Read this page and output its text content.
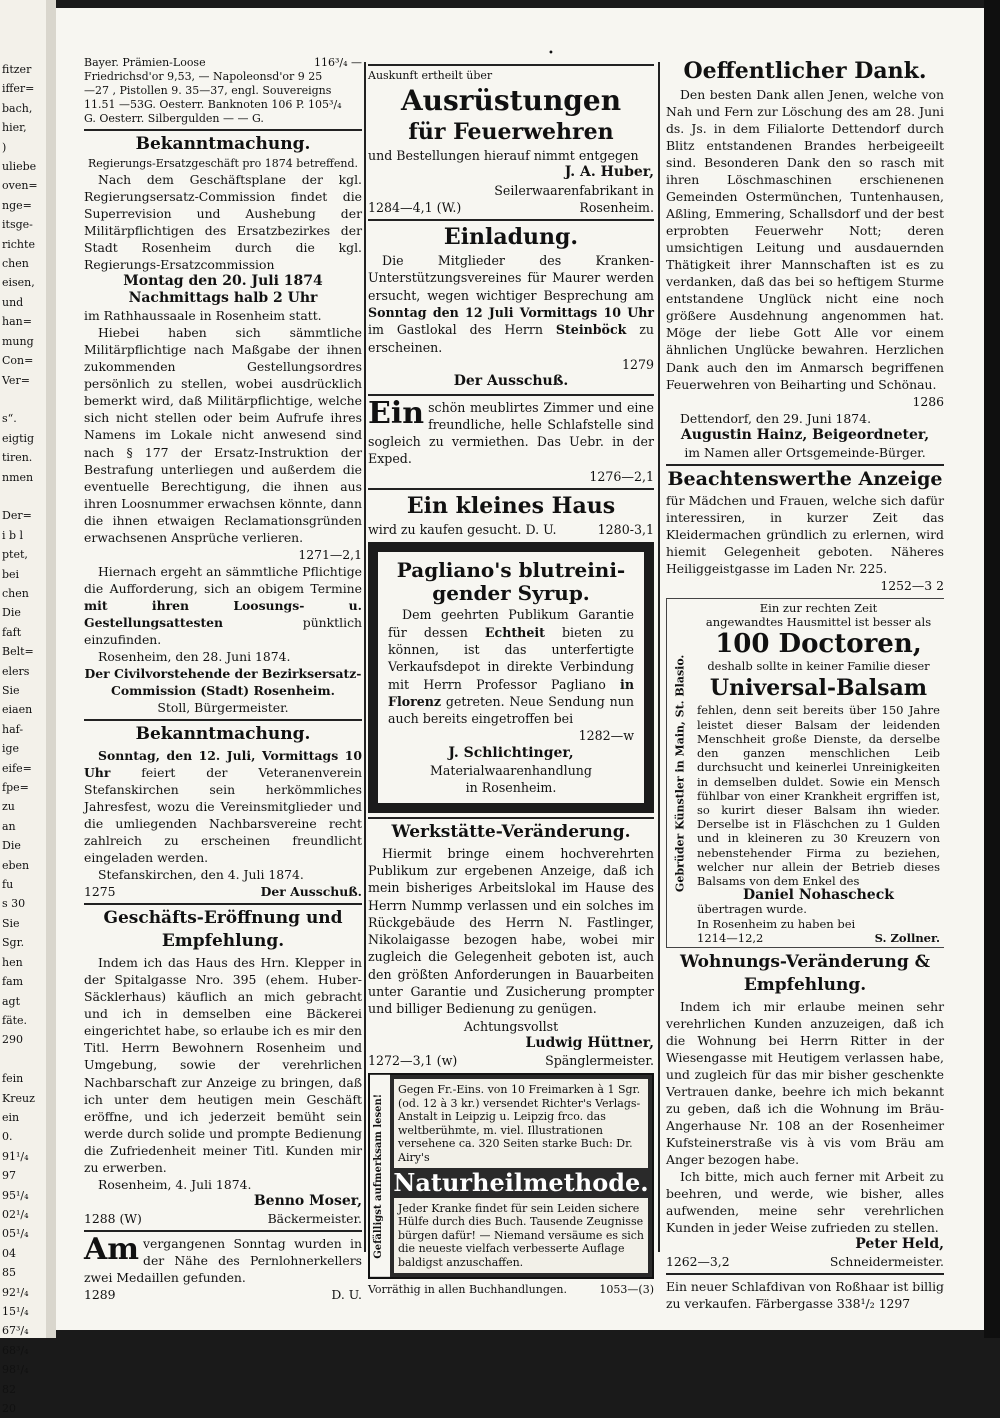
fitzer
iffer=
bach,
hier,
)
uliebe
oven=
nge=
itsge-
richte
chen
eisen,
und
han=
mung
Con=
Ver=

s“.
eigtig
tiren.
nmen

Der=
i b l
ptet,
bei
chen
Die
faft
Belt=
elers
Sie
eiaen
haf-
ige
eife=
fpe=
zu
an
Die
eben
fu
s 30
Sie
Sgr.
hen
fam
agt
fäte.
290

fein
Kreuz
ein
0.
91¹/₄
97
95¹/₄
02¹/₄
05¹/₄
04
85
92¹/₄
15¹/₄
67³/₄
68³/₄
98¹/₄
82
20
•
Bayer. Prämien-Loose	116³/₄ —
Friedrichsd'or 9,53, — Napoleonsd'or 9 25
—27 , Pistollen 9. 35—37, engl. Souvereigns
11.51 —53G. Oesterr. Banknoten 106 P. 105³/₄
G. Oesterr. Silbergulden — — G.
Bekanntmachung.
Regierungs-Ersatzgeschäft pro 1874 betreffend.

Nach dem Geschäftsplane der kgl. Regierungsersatz-Commission findet die Superrevision und Aushebung der Militärpflichtigen des Ersatzbezirkes der Stadt Rosenheim durch die kgl. Regierungs-Ersatzcommission

Montag den 20. Juli 1874
Nachmittags halb 2 Uhr

im Rathhaussaale in Rosenheim statt.

Hiebei haben sich sämmtliche Militärpflichtige nach Maßgabe der ihnen zukommenden Gestellungsordres persönlich zu stellen, wobei ausdrücklich bemerkt wird, daß Militärpflichtige, welche sich nicht stellen oder beim Aufrufe ihres Namens im Lokale nicht anwesend sind nach § 177 der Ersatz-Instruktion der Bestrafung unterliegen und außerdem die eventuelle Berechtigung, die ihnen aus ihren Loosnummer erwachsen könnte, dann die ihnen etwaigen Reclamationsgründen erwachsenen Ansprüche verlieren.

1271—2,1

Hiernach ergeht an sämmtliche Pflichtige die Aufforderung, sich an obigem Termine mit ihren Loosungs- u. Gestellungsattesten	pünktlich einzufinden.

Rosenheim, den 28. Juni 1874.

Der Civilvorstehende der Bezirksersatz-Commission (Stadt) Rosenheim.
Stoll, Bürgermeister.
Bekanntmachung.

Sonntag, den 12. Juli, Vormittags 10 Uhr feiert der Veteranenverein Stefanskirchen sein herkömmliches Jahresfest, wozu die Vereinsmitglieder und die umliegenden Nachbarsvereine recht zahlreich zu erscheinen freundlicht eingeladen werden.

Stefanskirchen, den 4. Juli 1874.

1275	Der Ausschuß.
Geschäfts-Eröffnung und
Empfehlung.

Indem ich das Haus des Hrn. Klepper in der Spitalgasse Nro. 395 (ehem. Huber-Säcklerhaus) käuflich an mich gebracht und ich in demselben eine Bäckerei eingerichtet habe, so erlaube ich es mir den Titl. Herrn Bewohnern Rosenheim und Umgebung, sowie der verehrlichen Nachbarschaft zur Anzeige zu bringen, daß ich unter dem heutigen mein Geschäft eröffne, und ich jederzeit bemüht sein werde durch solide und prompte Bedienung die Zufriedenheit meiner Titl. Kunden mir zu erwerben.

Rosenheim, 4. Juli 1874.

Benno Moser,
1288 (W)	Bäckermeister.

Am vergangenen Sonntag wurden in der Nähe des Pernlohnerkellers zwei Medaillen gefunden.

1289	D. U.
Auskunft ertheilt über
Ausrüstungen
für Feuerwehren
und Bestellungen hierauf nimmt entgegen
J. A. Huber,
Seilerwaarenfabrikant in
1284—4,1 (W.)	Rosenheim.
Einladung.

Die Mitglieder des Kranken-Unterstützungsvereines für Maurer werden ersucht, wegen wichtiger Besprechung am Sonntag den 12 Juli Vormittags 10 Uhr im Gastlokal des Herrn Steinböck zu erscheinen.

1279
Der Ausschuß.

Ein schön meublirtes Zimmer und eine freundliche, helle Schlafstelle sind sogleich zu vermiethen. Das Uebr. in der Exped.

1276—2,1
Ein kleines Haus
wird zu kaufen gesucht. D. U.	1280-3,1
Pagliano's blutreini-
gender Syrup.

Dem geehrten Publikum Garantie für dessen Echtheit bieten zu können, ist das unterfertigte Verkaufsdepot in direkte Verbindung mit Herrn Professor Pagliano in Florenz getreten. Neue Sendung nun auch bereits eingetroffen bei

1282—w
J. Schlichtinger,
Materialwaarenhandlung
in Rosenheim.
Werkstätte-Veränderung.

Hiermit bringe einem hochverehrten Publikum zur ergebenen Anzeige, daß ich mein bisheriges Arbeitslokal im Hause des Herrn Nummp verlassen und ein solches im Rückgebäude des Herrn N. Fastlinger, Nikolaigasse bezogen habe, wobei mir zugleich die Gelegenheit geboten ist, auch den größten Anforderungen in Bauarbeiten unter Garantie und Zusicherung prompter und billiger Bedienung zu genügen.

Achtungsvollst
Ludwig Hüttner,
1272—3,1 (w)	Spänglermeister.
Gefälligst aufmerksam lesen!
Gegen Fr.-Eins. von 10 Freimarken à 1 Sgr. (od. 12 à 3 kr.) versendet Richter's Verlags-Anstalt in Leipzig u. Leipzig frco. das weltberühmte, m. viel. Illustrationen versehene ca. 320 Seiten starke Buch: Dr. Airy's
Naturheilmethode.
Jeder Kranke findet für sein Leiden sichere Hülfe durch dies Buch. Tausende Zeugnisse bürgen dafür! — Niemand versäume es sich die neueste vielfach verbesserte Auflage baldigst anzuschaffen.
Vorräthig in allen Buchhandlungen.	1053—(3)
Oeffentlicher Dank.

Den besten Dank allen Jenen, welche von Nah und Fern zur Löschung des am 28. Juni ds. Js. in dem Filialorte Dettendorf durch Blitz entstandenen Brandes herbeigeeilt sind. Besonderen Dank den so rasch mit ihren Löschmaschinen erschienenen Gemeinden Ostermünchen, Tuntenhausen, Aßling, Emmering, Schallsdorf und der best erprobten Feuerwehr Nott; deren umsichtigen Leitung und ausdauernden Thätigkeit ihrer Mannschaften ist es zu verdanken, daß das bei so heftigem Sturme entstandene Unglück nicht eine noch größere Ausdehnung angenommen hat. Möge der liebe Gott Alle vor einem ähnlichen Unglücke bewahren. Herzlichen Dank auch den im Anmarsch begriffenen Feuerwehren von Beiharting und Schönau.

1286

Dettendorf, den 29. Juni 1874.

Augustin Hainz, Beigeordneter,
im Namen aller Ortsgemeinde-Bürger.
Beachtenswerthe Anzeige

für Mädchen und Frauen, welche sich dafür interessiren, in kurzer Zeit das Kleidermachen gründlich zu erlernen, wird hiemit Gelegenheit geboten. Näheres Heiliggeistgasse im Laden Nr. 225.

1252—3 2
Gebrüder Künstler in Main, St. Blasio.
Ein zur rechten Zeit
angewandtes Hausmittel ist besser als
100 Doctoren,
deshalb sollte in keiner Familie dieser
Universal-Balsam

fehlen, denn seit bereits über 150 Jahre leistet dieser Balsam der leidenden Menschheit große Dienste, da derselbe den ganzen menschlichen Leib durchsucht und keinerlei Unreinigkeiten in demselben duldet. Sowie ein Mensch fühlbar von einer Krankheit ergriffen ist, so kurirt dieser Balsam ihn wieder. Derselbe ist in Fläschchen zu 1 Gulden und in kleineren zu 30 Kreuzern von nebenstehender Firma zu beziehen, welcher nur allein der Betrieb dieses Balsams von dem Enkel des

Daniel Nohascheck
übertragen wurde.
In Rosenheim zu haben bei
1214—12,2	S. Zollner.
Wohnungs-Veränderung &
Empfehlung.

Indem ich mir erlaube meinen sehr verehrlichen Kunden anzuzeigen, daß ich die Wohnung bei Herrn Ritter in der Wiesengasse mit Heutigem verlassen habe, und zugleich für das mir bisher geschenkte Vertrauen danke, beehre ich mich bekannt zu geben, daß ich die Wohnung im Bräu-Angerhause Nr. 108 an der Rosenheimer Kufsteinerstraße vis à vis vom Bräu am Anger bezogen habe.

Ich bitte, mich auch ferner mit Arbeit zu beehren, und werde, wie bisher, alles aufwenden, meine sehr verehrlichen Kunden in jeder Weise zufrieden zu stellen.

Peter Held,
1262—3,2	Schneidermeister.

Ein neuer Schlafdivan von Roßhaar ist billig zu verkaufen. Färbergasse 338¹/₂ 1297
